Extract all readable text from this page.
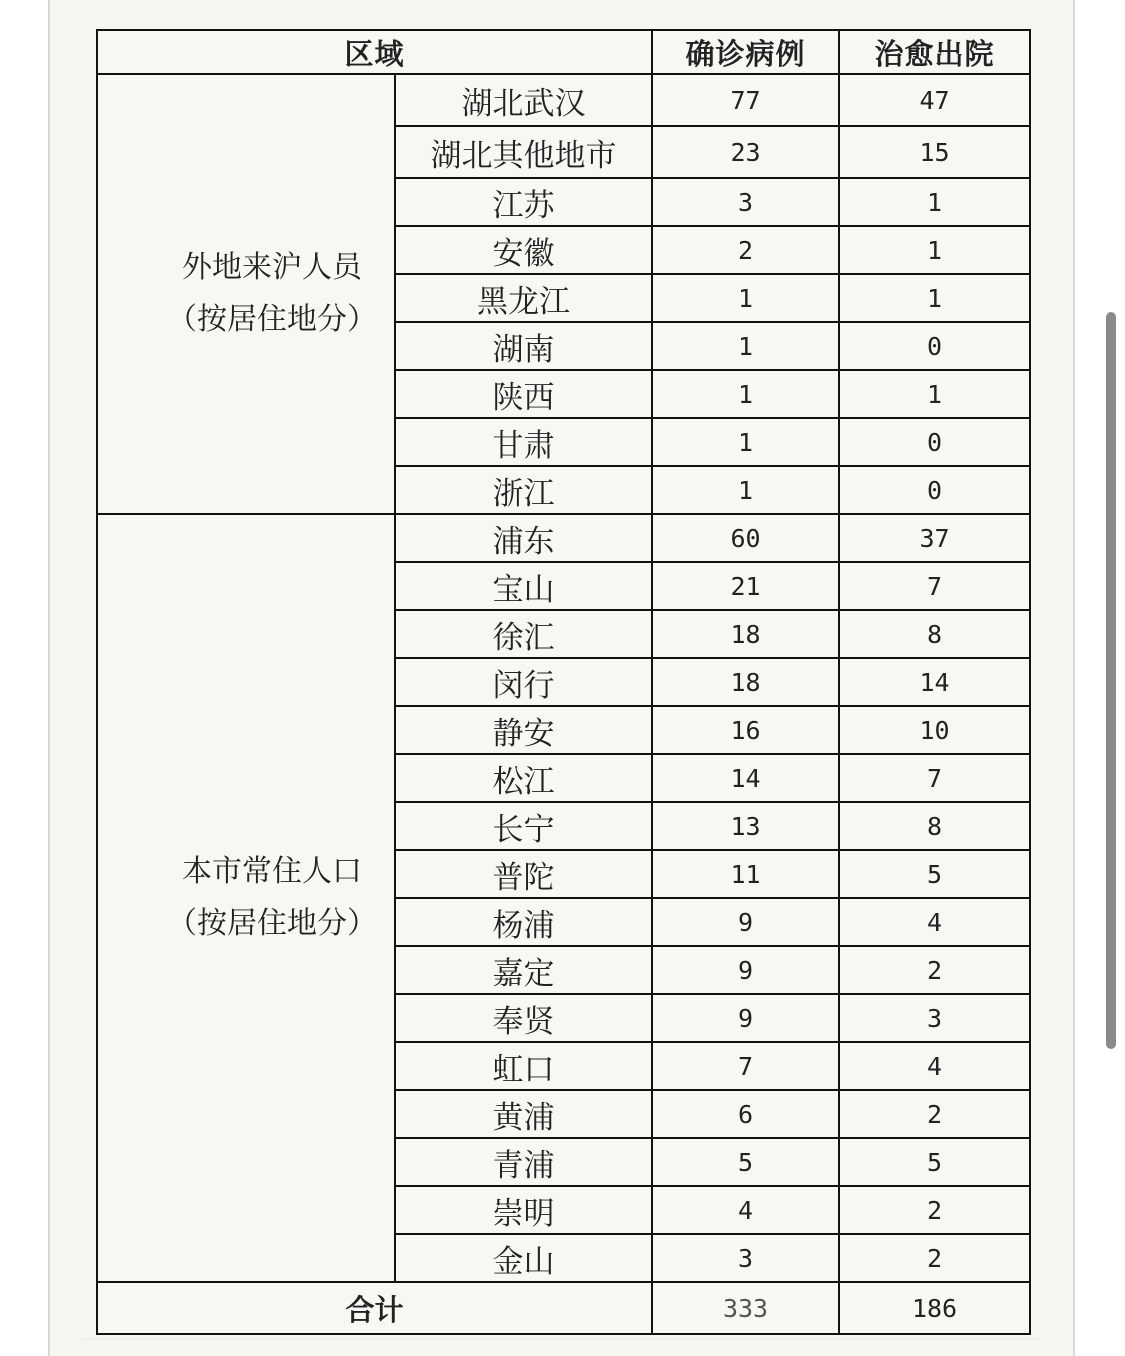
区域		确诊病例	治愈出院

外地来沪人员
（按居住地分）	湖北武汉	77	47
	湖北其他地市	23	15
	江苏	3	1
	安徽	2	1
	黑龙江	1	1
	湖南	1	0
	陕西	1	1
	甘肃	1	0
	浙江	1	0

本市常住人口
（按居住地分）	浦东	60	37
	宝山	21	7
	徐汇	18	8
	闵行	18	14
	静安	16	10
	松江	14	7
	长宁	13	8
	普陀	11	5
	杨浦	9	4
	嘉定	9	2
	奉贤	9	3
	虹口	7	4
	黄浦	6	2
	青浦	5	5
	崇明	4	2
	金山	3	2
合计		333	186
